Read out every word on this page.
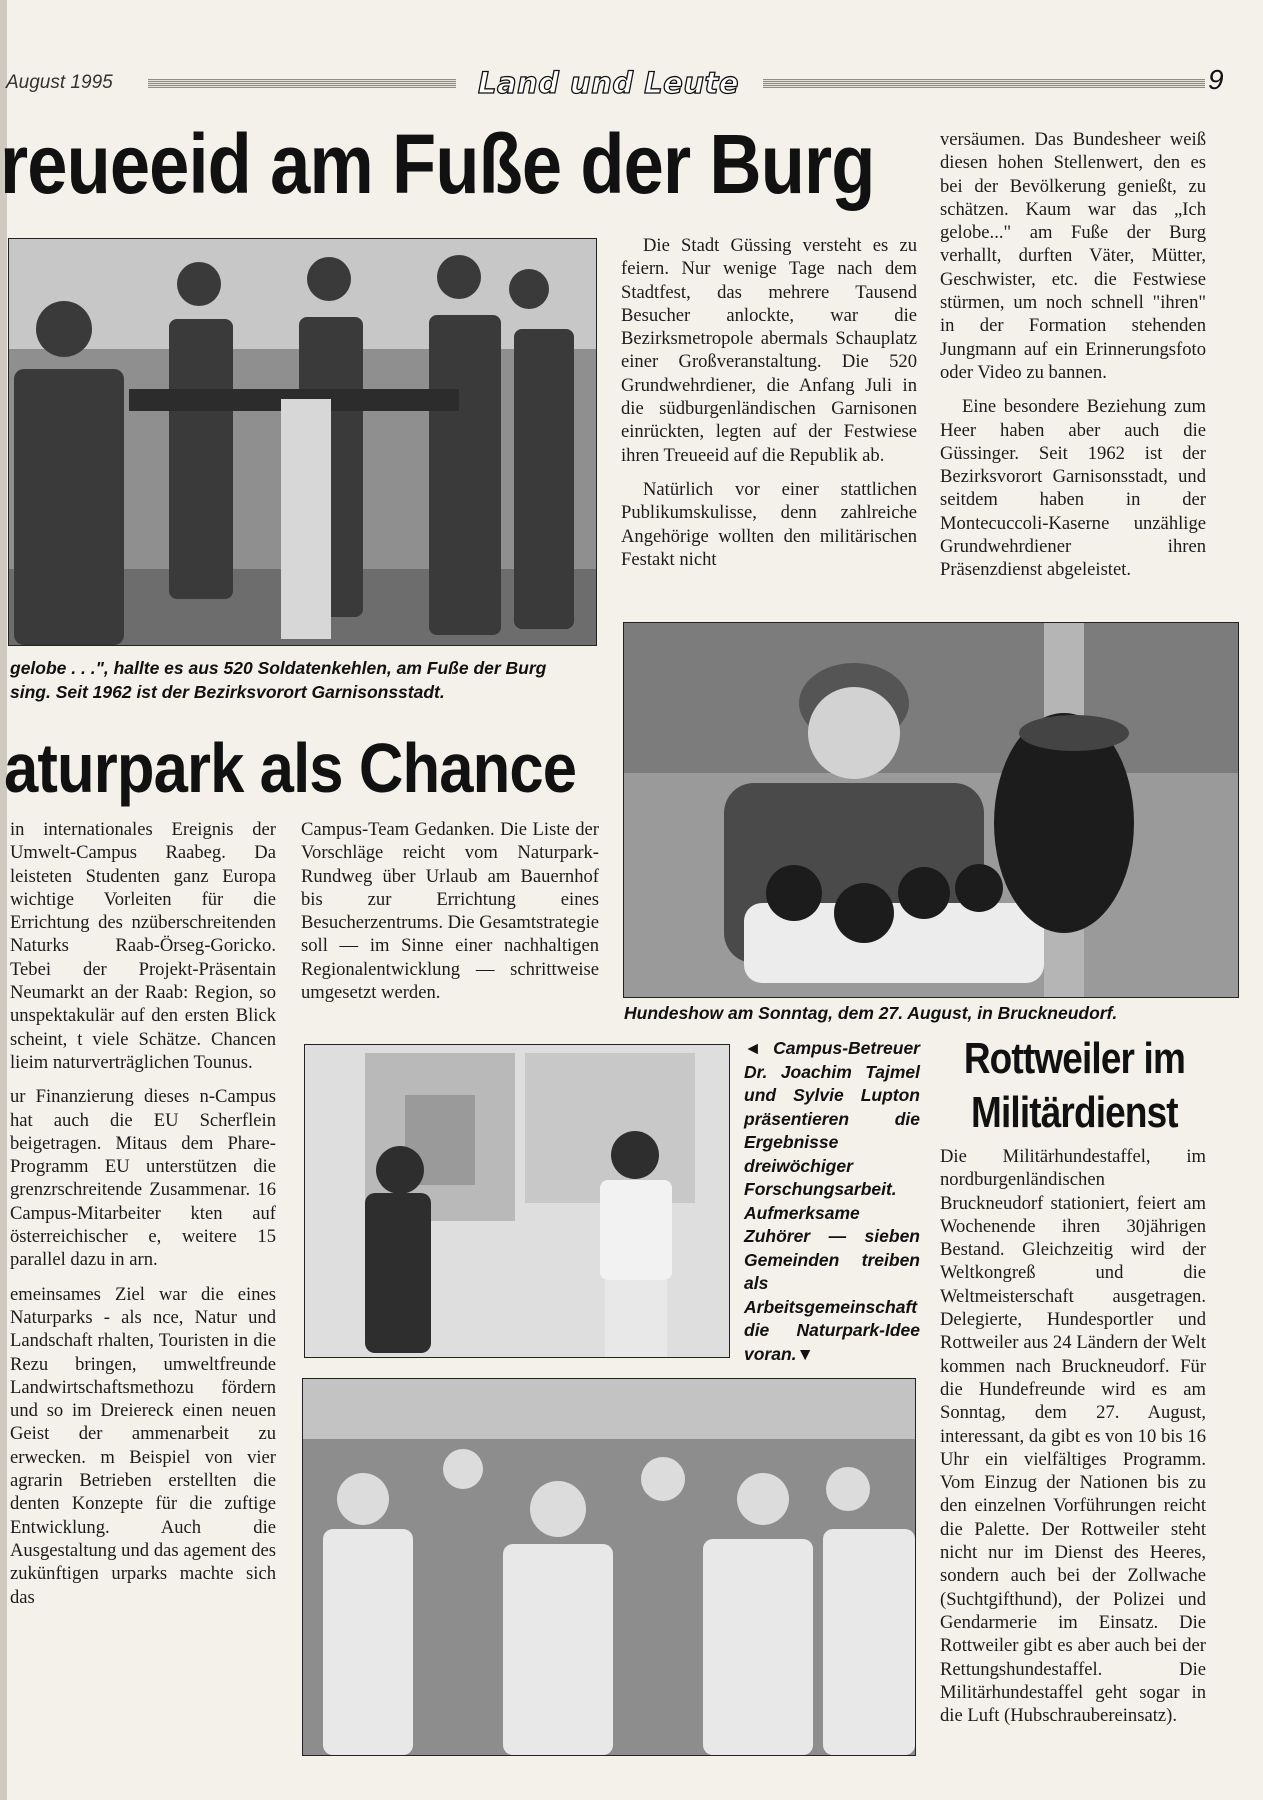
August 1995	Land und Leute	9
reueeid am Fuße der Burg

Die Stadt Güssing versteht es zu feiern. Nur wenige Tage nach dem Stadtfest, das mehrere Tausend Besucher anlockte, war die Bezirksmetropole abermals Schauplatz einer Großveranstaltung. Die 520 Grundwehrdiener, die Anfang Juli in die südburgenländischen Garnisonen einrückten, legten auf der Festwiese ihren Treueeid auf die Republik ab.

Natürlich vor einer stattlichen Publikumskulisse, denn zahlreiche Angehörige wollten den militärischen Festakt nicht

versäumen. Das Bundesheer weiß diesen hohen Stellenwert, den es bei der Bevölkerung genießt, zu schätzen. Kaum war das „Ich gelobe..." am Fuße der Burg verhallt, durften Väter, Mütter, Geschwister, etc. die Festwiese stürmen, um noch schnell "ihren" in der Formation stehenden Jungmann auf ein Erinnerungsfoto oder Video zu bannen.

Eine besondere Beziehung zum Heer haben aber auch die Güssinger. Seit 1962 ist der Bezirksvorort Garnisonsstadt, und seitdem haben in der Montecuccoli-Kaserne unzählige Grundwehrdiener ihren Präsenzdienst abgeleistet.

gelobe . . .", hallte es aus 520 Soldatenkehlen, am Fuße der Burg
sing. Seit 1962 ist der Bezirksvorort Garnisonsstadt.
aturpark als Chance

in internationales Ereignis der Umwelt-Campus Raabeg. Da leisteten Studenten ganz Europa wichtige Vorleiten für die Errichtung des nzüberschreitenden Naturks Raab-Örseg-Goricko. Tebei der Projekt-Präsentain Neumarkt an der Raab: Region, so unspektakulär auf den ersten Blick scheint, t viele Schätze. Chancen lieim naturverträglichen Tounus.

ur Finanzierung dieses n-Campus hat auch die EU Scherflein beigetragen. Mitaus dem Phare-Programm EU unterstützen die grenzrschreitende Zusammenar. 16 Campus-Mitarbeiter kten auf österreichischer e, weitere 15 parallel dazu in arn.

emeinsames Ziel war die eines Naturparks - als nce, Natur und Landschaft rhalten, Touristen in die Rezu bringen, umweltfreunde Landwirtschaftsmethozu fördern und so im Dreiereck einen neuen Geist der ammenarbeit zu erwecken. m Beispiel von vier agrarin Betrieben erstellten die denten Konzepte für die zuftige Entwicklung. Auch die Ausgestaltung und das agement des zukünftigen urparks machte sich das

Campus-Team Gedanken. Die Liste der Vorschläge reicht vom Naturpark-Rundweg über Urlaub am Bauernhof bis zur Errichtung eines Besucherzentrums. Die Gesamtstrategie soll — im Sinne einer nachhaltigen Regionalentwicklung — schrittweise umgesetzt werden.

◄ Campus-Betreuer Dr. Joachim Tajmel und Sylvie Lupton präsentieren die Ergebnisse dreiwöchiger Forschungsarbeit. Aufmerksame Zuhörer — sieben Gemeinden treiben als Arbeitsgemeinschaft die Naturpark-Idee voran.▼
Hundeshow am Sonntag, dem 27. August, in Bruckneudorf.
Rottweiler im
Militärdienst

Die Militärhundestaffel, im nordburgenländischen Bruckneudorf stationiert, feiert am Wochenende ihren 30jährigen Bestand. Gleichzeitig wird der Weltkongreß und die Weltmeisterschaft ausgetragen. Delegierte, Hundesportler und Rottweiler aus 24 Ländern der Welt kommen nach Bruckneudorf. Für die Hundefreunde wird es am Sonntag, dem 27. August, interessant, da gibt es von 10 bis 16 Uhr ein vielfältiges Programm. Vom Einzug der Nationen bis zu den einzelnen Vorführungen reicht die Palette. Der Rottweiler steht nicht nur im Dienst des Heeres, sondern auch bei der Zollwache (Suchtgifthund), der Polizei und Gendarmerie im Einsatz. Die Rottweiler gibt es aber auch bei der Rettungshundestaffel. Die Militärhundestaffel geht sogar in die Luft (Hubschraubereinsatz).
